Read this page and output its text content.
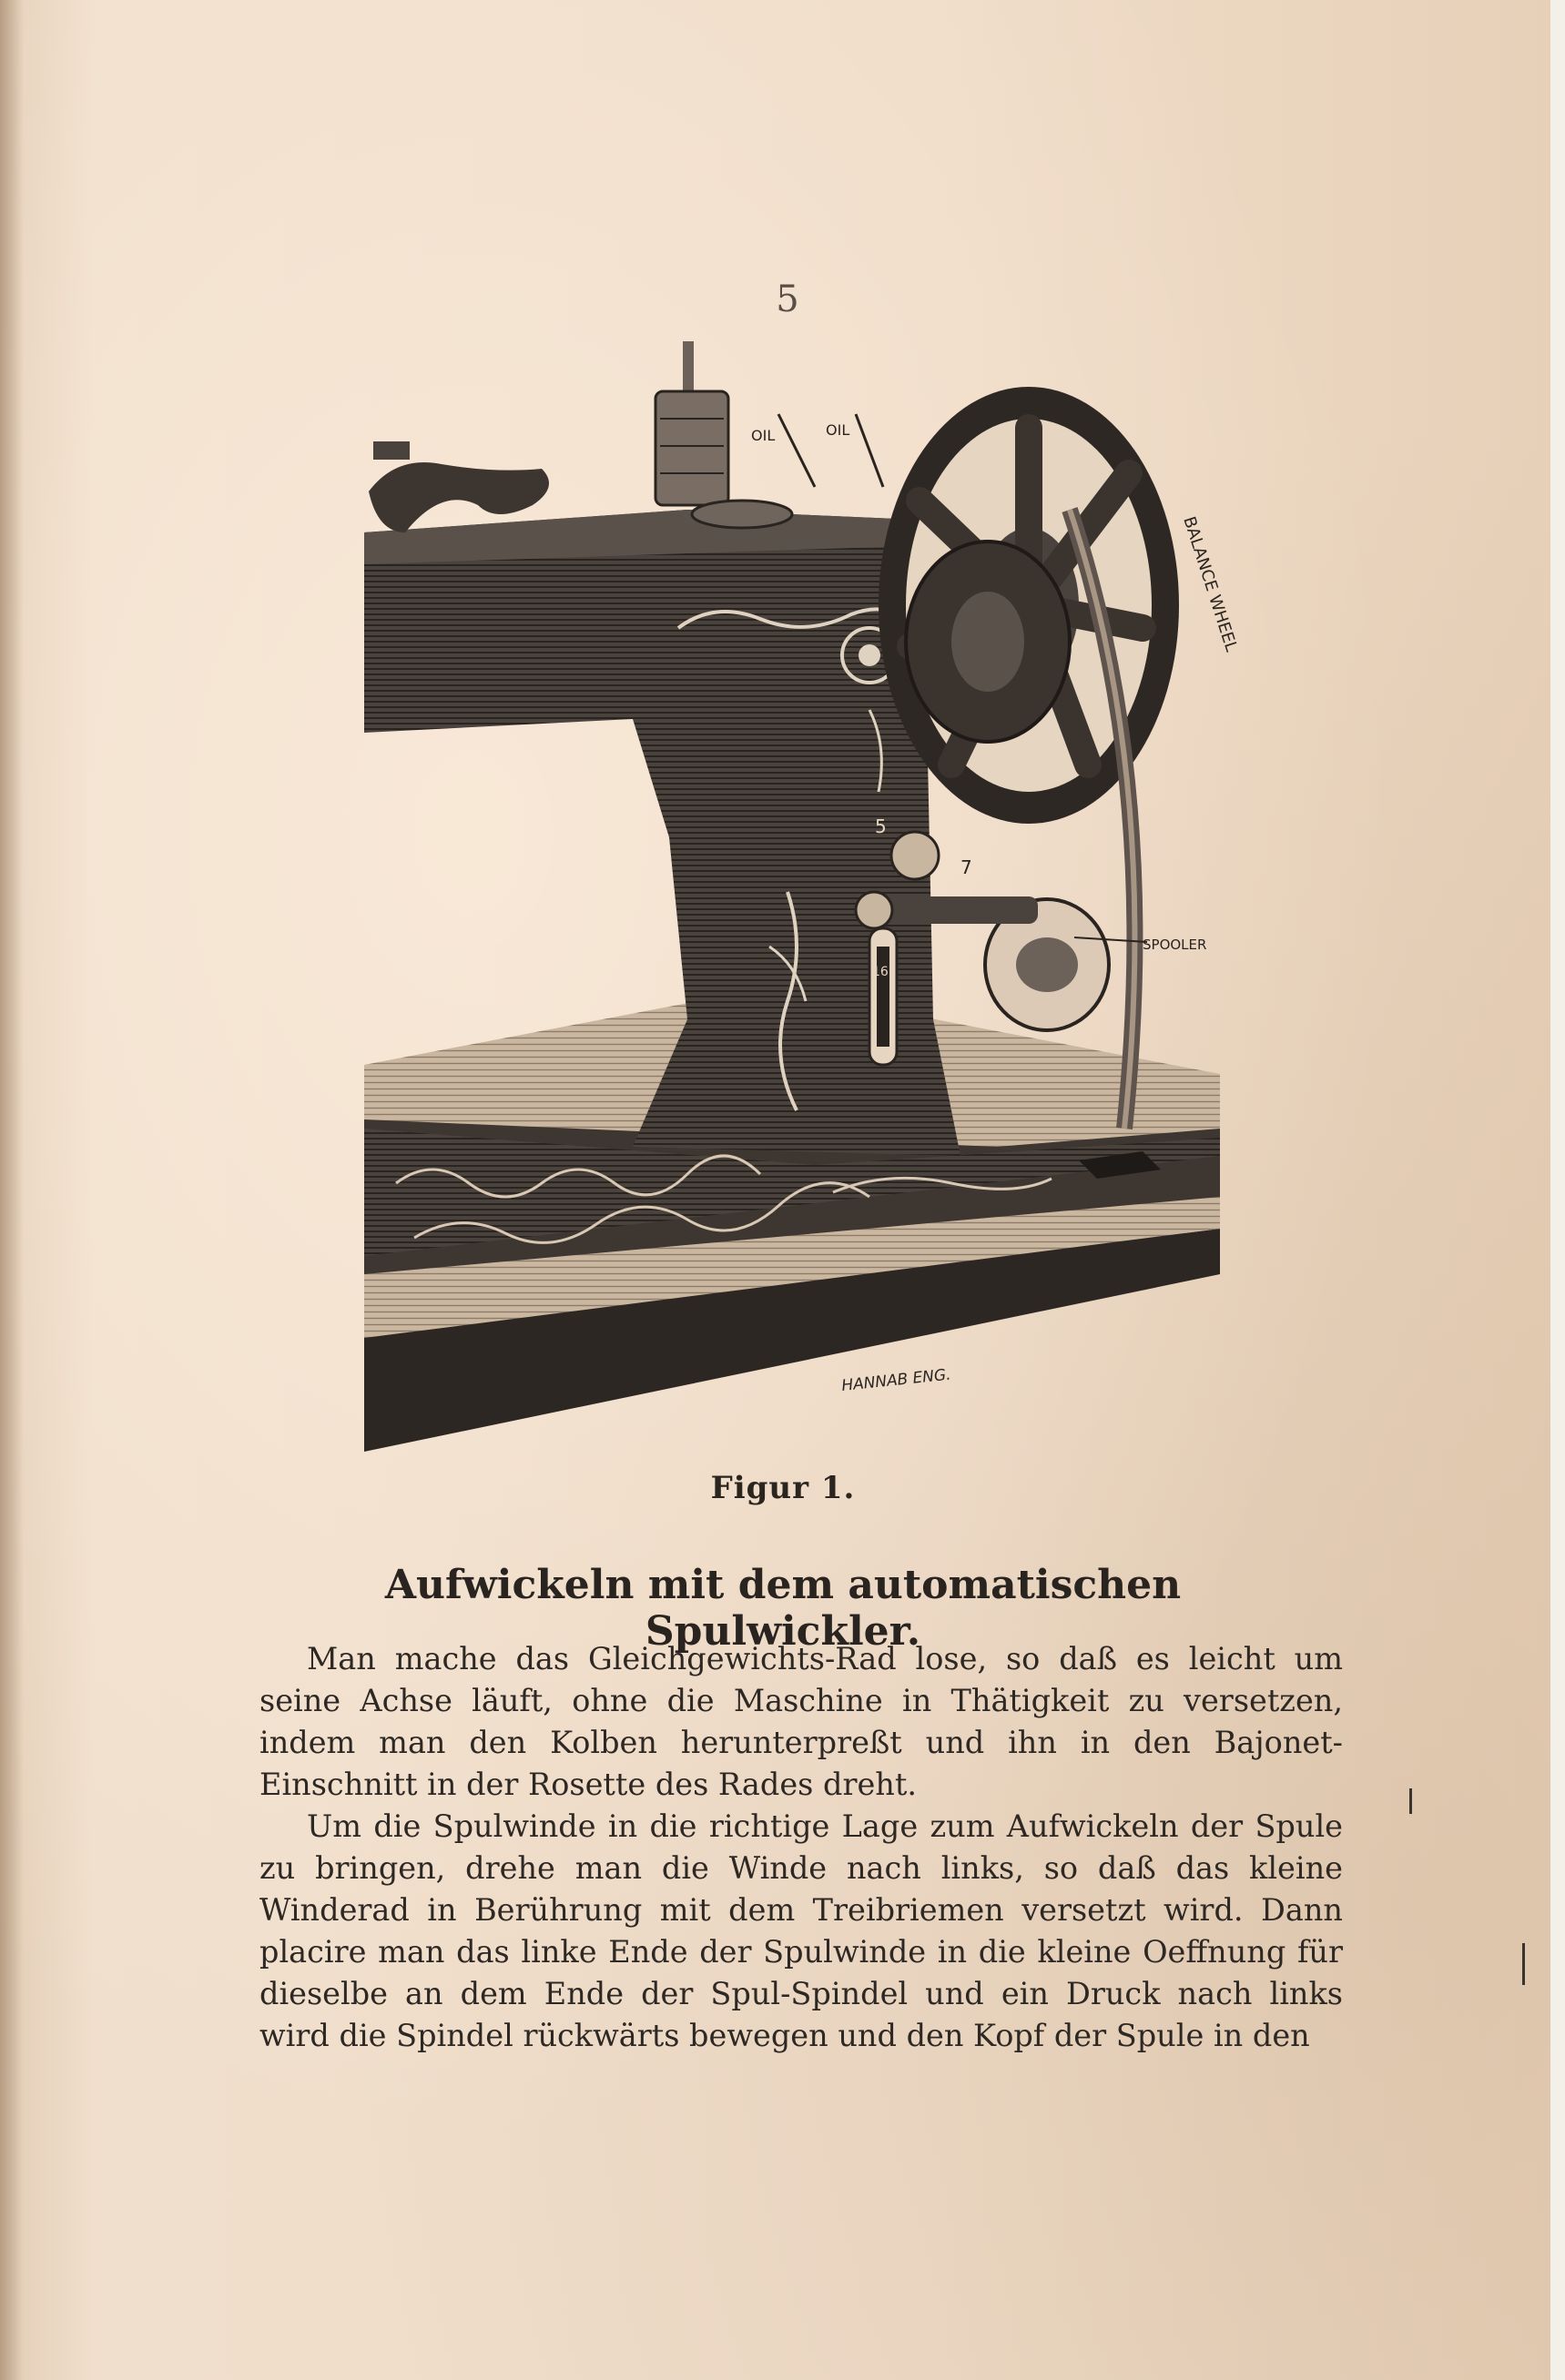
5
OIL	OIL
BALANCE WHEEL
SPOOLER
HANNAB ENG.
5
7
16
Figur 1.
Aufwickeln mit dem automatischen Spulwickler.

Man mache das Gleichgewichts-Rad lose, so daß es leicht um seine Achse läuft, ohne die Maschine in Thätigkeit zu versetzen, indem man den Kolben herunterpreßt und ihn in den Bajonet-Einschnitt in der Rosette des Rades dreht.

Um die Spulwinde in die richtige Lage zum Aufwickeln der Spule zu bringen, drehe man die Winde nach links, so daß das kleine Winderad in Berührung mit dem Treibriemen versetzt wird. Dann placire man das linke Ende der Spulwinde in die kleine Oeffnung für dieselbe an dem Ende der Spul-Spindel und ein Druck nach links wird die Spindel rückwärts bewegen und den Kopf der Spule in den
